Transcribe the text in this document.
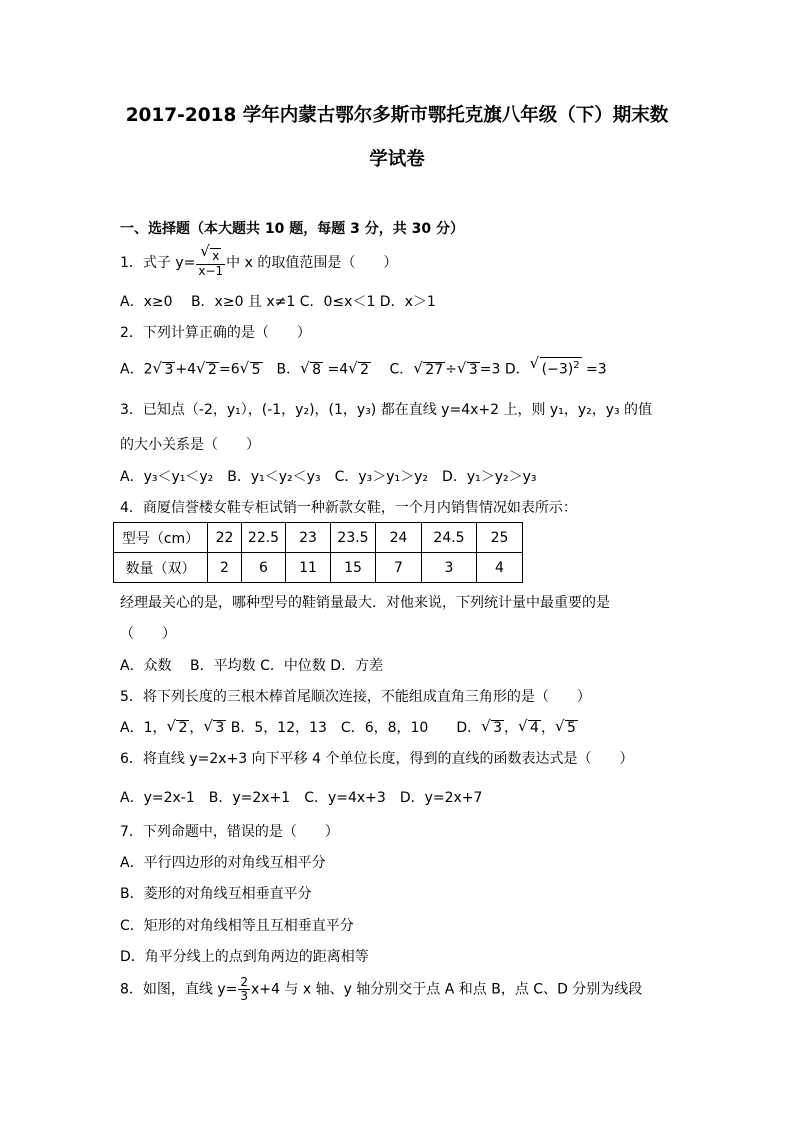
2017-2018 学年内蒙古鄂尔多斯市鄂托克旗八年级（下）期末数
学试卷
一、选择题（本大题共 10 题，每题 3 分，共 30 分）
1．式子 y= √ $\frac{x}{x-1}$ 中 x 的取值范围是（　　）
A．x≥0　 B．x≥0 且 x≠1 C．0≤x＜1 D．x＞1
2．下列计算正确的是（　　）
A．2 √ 3 +4 √ 2 =6 √ 5　B． √ 8 =4 √ 2　 C． √ 27 ÷ √ 3 =3 D． √ $(-3)^2 =3$
3．已知点（-2，y₁），(-1，y₂)，(1，y₃) 都在直线 y=4x+2 上，则 y₁，y₂，y₃ 的值
的大小关系是（　　）
A．y₃＜y₁＜y₂　B．y₁＜y₂＜y₃　C．y₃＞y₁＞y₂　D．y₁＞y₂＞y₃
4．商厦信誉楼女鞋专柜试销一种新款女鞋，一个月内销售情况如表所示：
型号（cm）	22	22.5	23	23.5	24	24.5	25
数量（双）	2	6	11	15	7	3	4
经理最关心的是，哪种型号的鞋销量最大．对他来说，下列统计量中最重要的是
（　　）
A．众数　 B．平均数 C．中位数 D．方差
5．将下列长度的三根木棒首尾顺次连接，不能组成直角三角形的是（　　）
A．1， √ 2 ， √ 3 B．5，12，13　C．6，8，10　　D． √ 3 ， √ 4 ， √ 5
6．将直线 y=2x+3 向下平移 4 个单位长度，得到的直线的函数表达式是（　　）
A．y=2x-1　B．y=2x+1　C．y=4x+3　D．y=2x+7
7．下列命题中，错误的是（　　）
A．平行四边形的对角线互相平分
B．菱形的对角线互相垂直平分
C．矩形的对角线相等且互相垂直平分
D．角平分线上的点到角两边的距离相等
8．如图，直线 $y= \frac{2}{3} x+4$ 与 x 轴、y 轴分别交于点 A 和点 B，点 C、D 分别为线段
